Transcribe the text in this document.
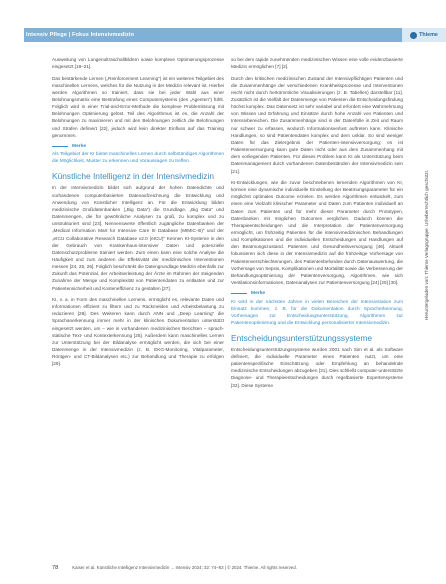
Intensiv Pflege | Fokus Intensivmedizin	Thieme

Ausweitung von Lungenultraschallbildern sowie komplexe Optimierungsprozesse eingesetzt [18–21].

Das bestärkende Lernen („Reinforcement Learning“) ist ein weiteres Teilgebiet des maschinellen Lernens, welches für die Nutzung in der Medizin relevant ist. Hierbei werden Algorithmen so trainiert, dass sie bei jeder Wahl aus einer Belohnungsmatrix eine Bestrafung eines Computersystems (des „Agenten“) fühlt. Folglich wird in einer Trial-and-Error-Methode die komplexe Problemlösung mit Belohnungen Optimierung gelöst. Teil des Algorithmus ist es, die Anzahl der Belohnungen zu maximieren und mit den Belohnungen zeitlich die Belohnungen und Strafen definiert [22], jedoch wird kein direkter Einfluss auf das Training genommen.

Merke
Als Teilgebiet der KI bietet maschinelles Lernen durch selbständiges Algorithmen die Möglichkeit, Muster zu erkennen und Voraussagen zu treffen.
Künstliche Intelligenz in der Intensivmedizin

In der Intensivmedizin bildet sich aufgrund der hohen Datendichte und vorhandenen computerbasierten Datenaufzeichnung die Entwicklung und Anwendung von Künstlicher Intelligenz an. Für die Entwicklung bilden medizinische Großdatenbanken („Big Data“) die Grundlage, „Big Data“ und Datenmengen, die für gewöhnliche Analysen zu groß, zu komplex und zu unstrukturiert sind [23]. Nennenswerte öffentlich zugängliche Datenbanken der „Medical Information Mart for Intensive Care III Database (MIMIC-III)“ und der „eICU Collaborative Research Database v2.0 (eICU)“ Kennen KI-Systeme in den der Gebrauch von Krankenhaus-intensiver Daten und potenzielle Datenschutzprobleme trainiert werden. Zum einen kann eine solche Analyse die Häufigkeit und zum anderen die Effektivität der medizinischen Interventionen messen [24, 25, 26]. Folglich beschränkt die Datengrundlage Medizin ebenfalls zur Zukunft das Potenzial, der Arbeitserleistung der Ärzte im Rahmen der steigenden Zunahme der Menge und Komplexität von Patientendaten zu entlasten und zur Patientensicherheit und Kosteneffizienz zu gestalten [27].

KI, v. a. in Form des maschinellen Lernens, ermöglicht es, relevante Daten und Informationen effizient zu filtern und zu Rückmelden und Arbeitsbelastung zu reduzieren [28]. Des Weiteren kann durch ANN und „Deep Learning“ die Sprachanerkennung immer mehr in der klinischen Dokumentation unterstützt eingesetzt werden, um – wie in vorhandenen medizinischen Berichten – sprach-statische Text- und Kontexterkennung [25]. Außerdem kann maschinelles Lernen zur Unterstützung bei der Bildanalyse ermöglicht werden, die sich bei einer Datenmenge in der Intensivmedizin (z. B. EKG-Monitoring, Vitalparameter, Röntgen- und CT-Bildanalysen etc.) zur Behandlung und Therapie zu erfolgen [29].

so bei dem rapide zunehmenden medizinischen Wissen eine volle evidenzbasierte Medizin ermöglichen [7] [2].

Durch den kritischen medizinischen Zustand der Intensivpflichtigen Patienten und die Zusammenhänge der verschiedenen Krankheitsprozesse und Interventionen reicht nicht durch herkömmliche Visualisierungen (z. B. Tabellen) darstellbar [11]. Zusätzlich ist die Vielfalt der Datenmenge von Patienten die Entscheidungsfindung höchst komplex. Das Datennetz ist sehr variabel und erfordert eine Wahrnehmung von Wissen und Erfahrung und Einsätze durch hohe Anzahl von Patienten und Intensivbereichen. Die Zusammenhänge sind in der Datenfülle in Zeit und Raum nur schwer zu erfassen, wodurch Informationsverlust auftreten kann. Klinische Handlungen, so sind Patientendaten komplex und dem unklar. So sind weniger Daten für das Zielergebnis der Patienten-intensivversorgung; es ist Patientenversorgung kann gute Daten nicht oder aus dem Zusammenhang mit dem vorliegenden Patienten. Für dieses Problem kann KI als Unterstützung beim Datenmanagement durch vorhandenen Datenbeständen der Intensivmedizin sein [21].

KI-Entwicklungen, wie die zuvor beschriebenen lernenden Algorithmen von KI, können eine dynamische individuelle Einstellung der Beatmungsparameter für ein möglichst optimales Outcome erzielen. Es werden Algorithmen entwickelt, zum einen eine Vielzahl klinischer Parameter und Daten zum Patienten individuell an Daten zum Patienten und für mehr dieser Parameter durch Prototypen, Datenbanken mit möglichen Outcomes verglichen. Dadurch können die Therapieentscheidungen und die Interpretation der Patientenversorgung ermöglicht, um frühzeitig Patienten für die intensivmedizinischen Behandlungen und Komplikationen und die individuellen Entscheidungen und Handlungen auf den Beatmungszustand. Patienten und Gesundheitsversorgung [46]. Aktuell fokussieren sich diese in der Intensivmedizin auf die frühzeitige Vorhersage von Patientenverschlechterungen, des Patientenbefundes durch Datenauswertung, die Vorhersage von Sepsis, Komplikationen und Mortalität sowie die Verbesserung der Behandlungsoptimierung der Patientenversorgung, Algorithmen, wie sich Ventilationsinformationen, Datenanalysen zur Patientenversorgung [24] [25] [30].

Merke
KI wird in der nächsten Jahren in vielen Bereichen der Intensivstation zum Einsatz kommen, z. B. für die Dokumentation durch Spracherkennung, Vorhersagen zur Entscheidungsunterstützung, Algorithmen zur Patientenoptimierung und die Entwicklung personalisierter Intensivmedizin.
Entscheidungsunterstützungssysteme

Entscheidungsunterstützungssysteme wurden 2001 nach Sim et al. als Software definiert, die individuelle Parameter eines Patienten nutzt, um eine patientenspezifische Einschätzung oder Empfehlung an behandelnde medizinische Entscheidungen abzugeben [31]. Dies schließt computer-unterstützte Diagnose- und Therapieentscheidungen durch regelbasierte Expertensysteme [32]. Diese Systeme

Heruntergeladen von: Thieme Verlagsgruppe. Urheberrechtlich geschützt.
78	Kaiser et al. Künstliche Intelligenz Intensivmedizin ... Intensiv 2024; 32: 74–83 | © 2024. Thieme. All rights reserved.
